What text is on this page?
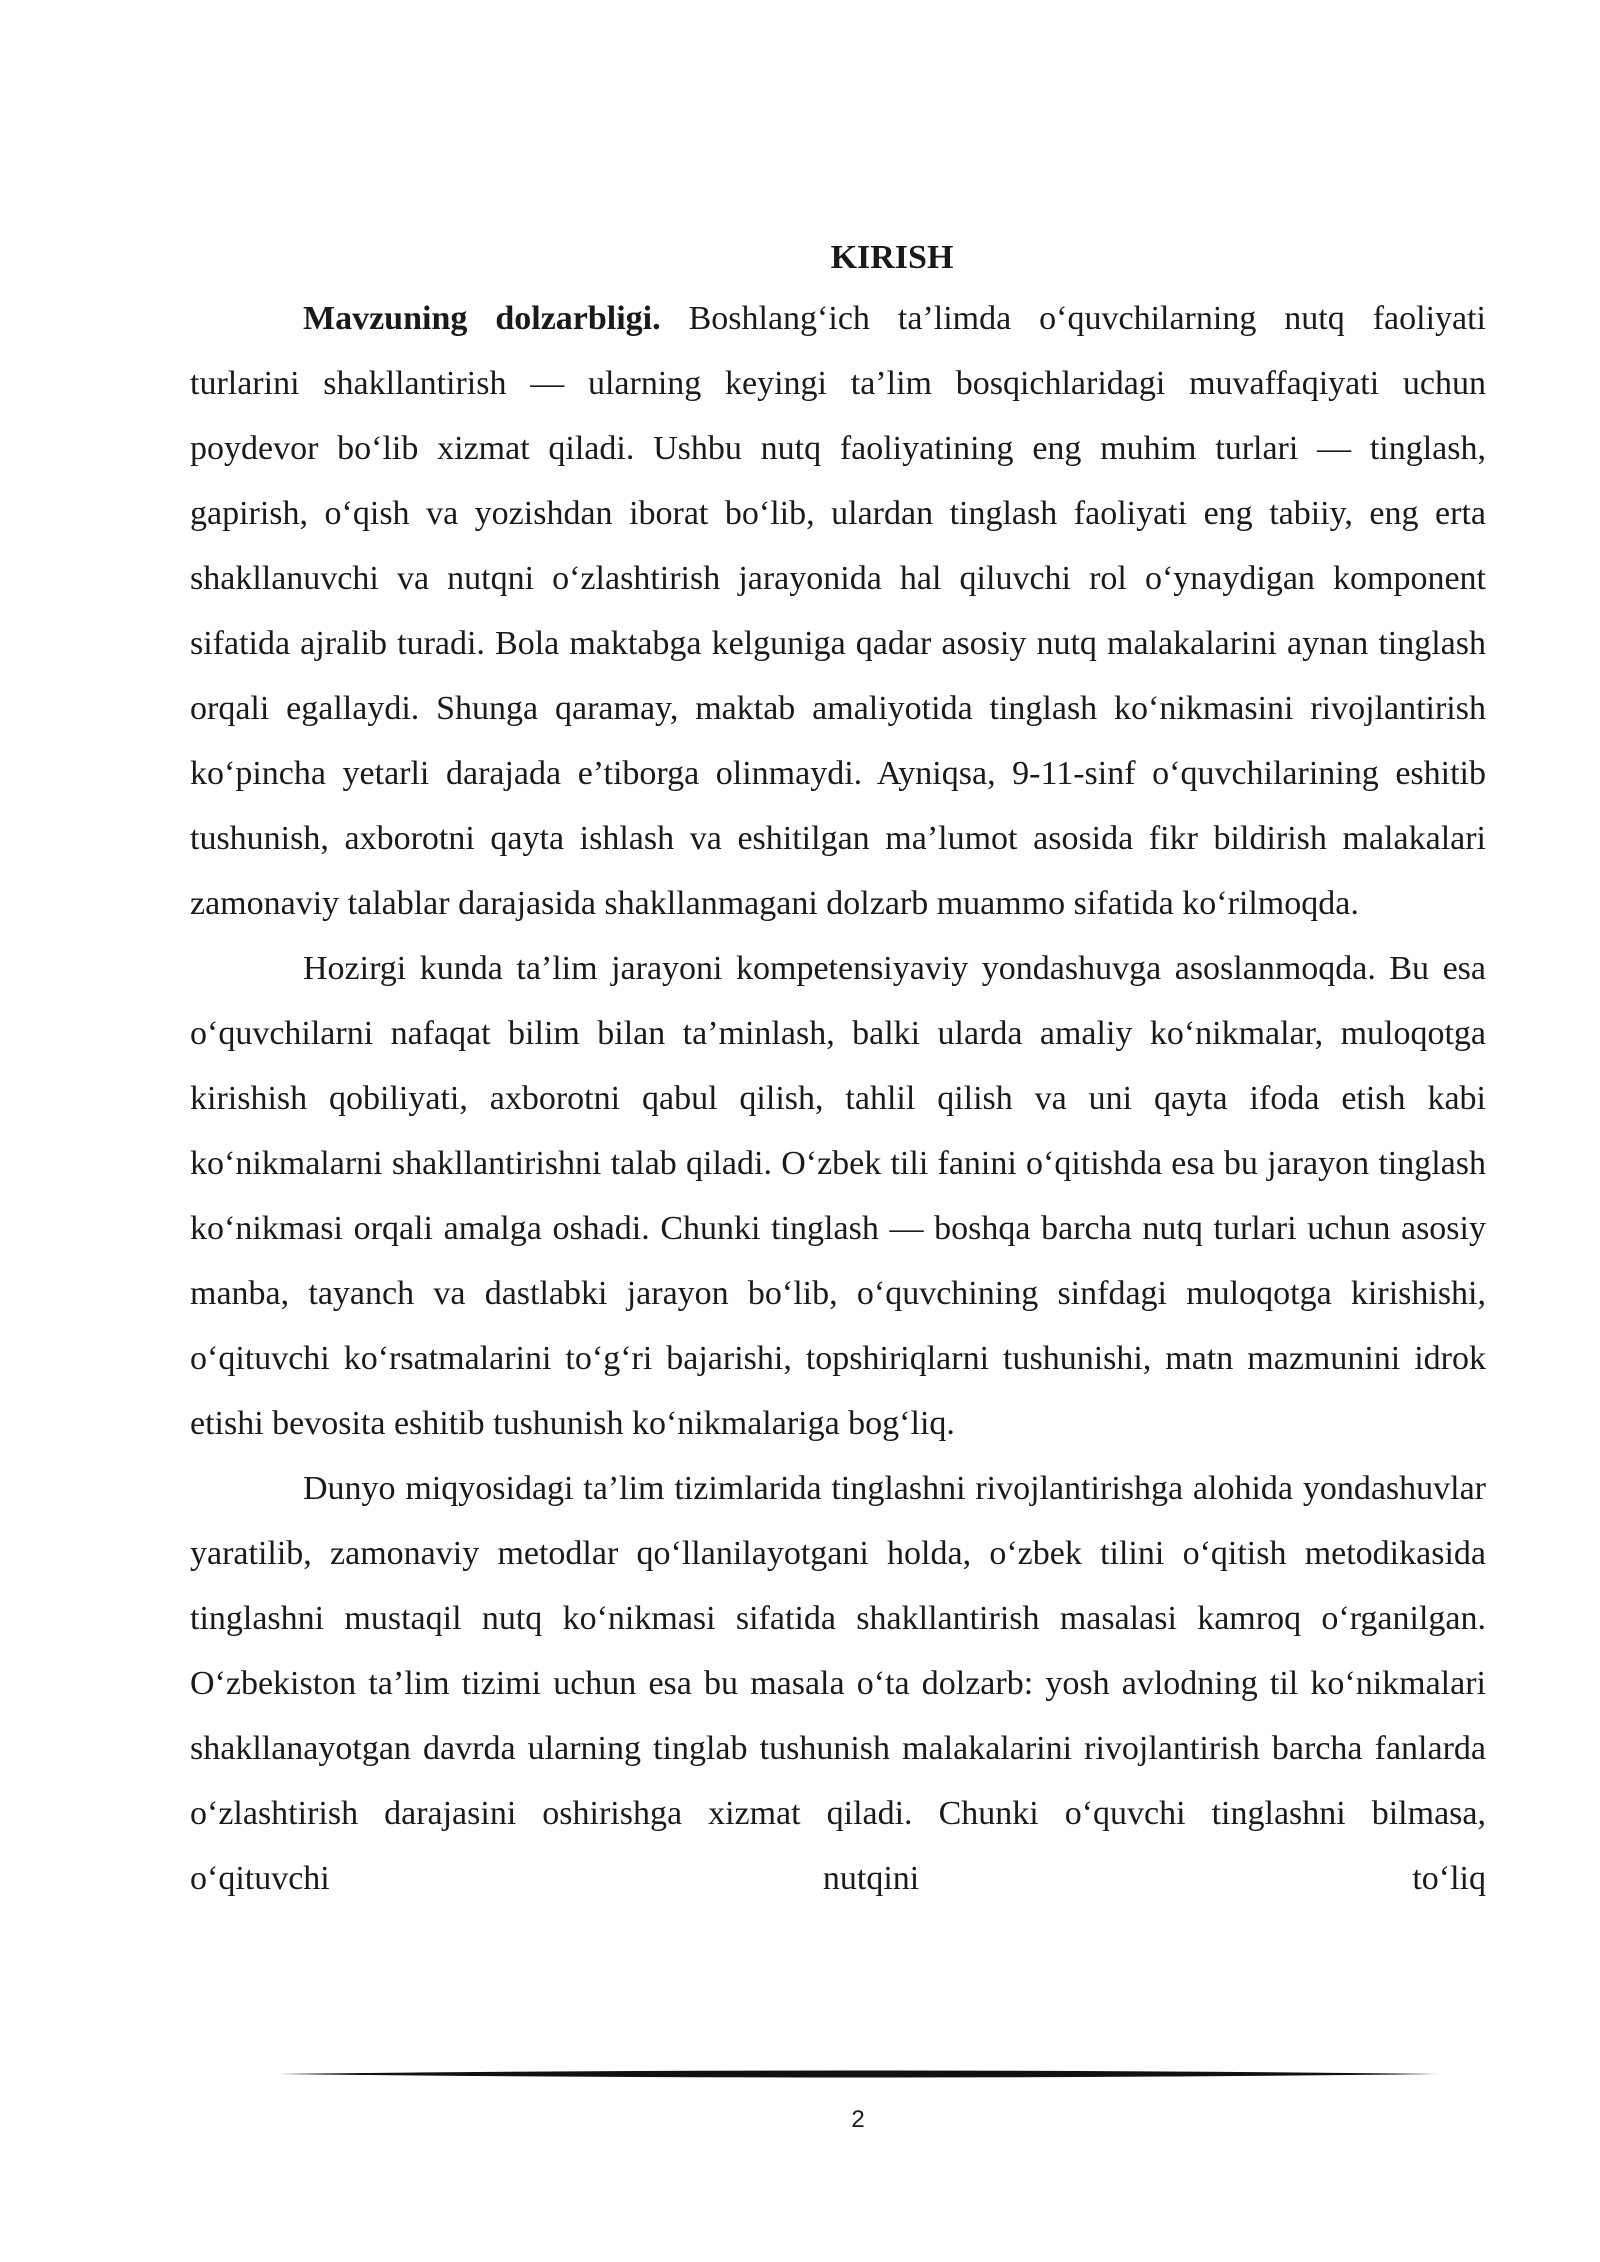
KIRISH

Mavzuning dolzarbligi. Boshlang‘ich ta’limda o‘quvchilarning nutq faoliyati turlarini shakllantirish — ularning keyingi ta’lim bosqichlaridagi muvaffaqiyati uchun poydevor bo‘lib xizmat qiladi. Ushbu nutq faoliyatining eng muhim turlari — tinglash, gapirish, o‘qish va yozishdan iborat bo‘lib, ulardan tinglash faoliyati eng tabiiy, eng erta shakllanuvchi va nutqni o‘zlashtirish jarayonida hal qiluvchi rol o‘ynaydigan komponent sifatida ajralib turadi. Bola maktabga kelguniga qadar asosiy nutq malakalarini aynan tinglash orqali egallaydi. Shunga qaramay, maktab amaliyotida tinglash ko‘nikmasini rivojlantirish ko‘pincha yetarli darajada e’tiborga olinmaydi. Ayniqsa, 9-11-sinf o‘quvchilarining eshitib tushunish, axborotni qayta ishlash va eshitilgan ma’lumot asosida fikr bildirish malakalari zamonaviy talablar darajasida shakllanmagani dolzarb muammo sifatida ko‘rilmoqda.

Hozirgi kunda ta’lim jarayoni kompetensiyaviy yondashuvga asoslanmoqda. Bu esa o‘quvchilarni nafaqat bilim bilan ta’minlash, balki ularda amaliy ko‘nikmalar, muloqotga kirishish qobiliyati, axborotni qabul qilish, tahlil qilish va uni qayta ifoda etish kabi ko‘nikmalarni shakllantirishni talab qiladi. O‘zbek tili fanini o‘qitishda esa bu jarayon tinglash ko‘nikmasi orqali amalga oshadi. Chunki tinglash — boshqa barcha nutq turlari uchun asosiy manba, tayanch va dastlabki jarayon bo‘lib, o‘quvchining sinfdagi muloqotga kirishishi, o‘qituvchi ko‘rsatmalarini to‘g‘ri bajarishi, topshiriqlarni tushunishi, matn mazmunini idrok etishi bevosita eshitib tushunish ko‘nikmalariga bog‘liq.

Dunyo miqyosidagi ta’lim tizimlarida tinglashni rivojlantirishga alohida yondashuvlar yaratilib, zamonaviy metodlar qo‘llanilayotgani holda, o‘zbek tilini o‘qitish metodikasida tinglashni mustaqil nutq ko‘nikmasi sifatida shakllantirish masalasi kamroq o‘rganilgan. O‘zbekiston ta’lim tizimi uchun esa bu masala o‘ta dolzarb: yosh avlodning til ko‘nikmalari shakllanayotgan davrda ularning tinglab tushunish malakalarini rivojlantirish barcha fanlarda o‘zlashtirish darajasini oshirishga xizmat qiladi. Chunki o‘quvchi tinglashni bilmasa, o‘qituvchi nutqini to‘liq

2
